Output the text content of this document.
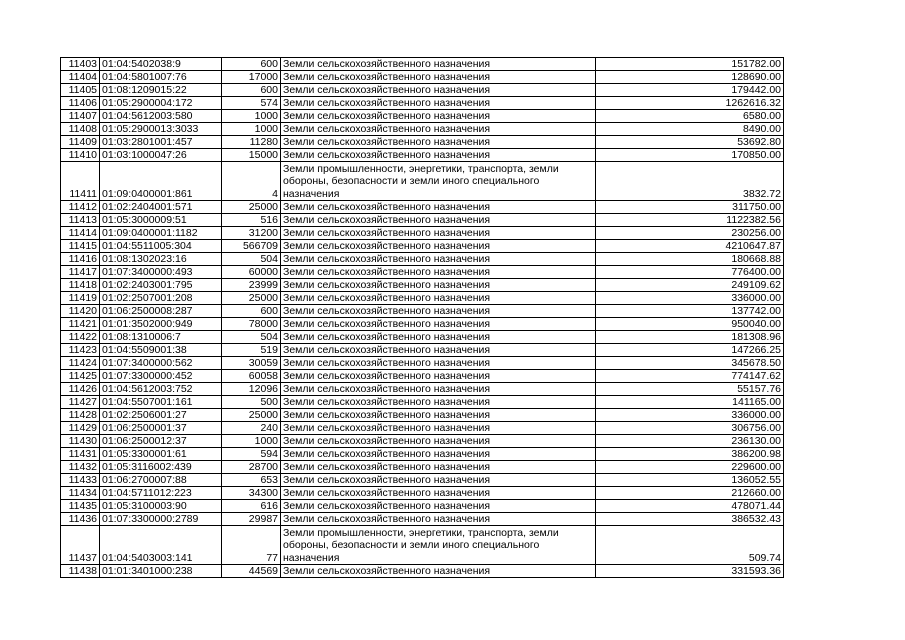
11403	01:04:5402038:9	600	Земли сельскохозяйственного назначения	151782.00
11404	01:04:5801007:76	17000	Земли сельскохозяйственного назначения	128690.00
11405	01:08:1209015:22	600	Земли сельскохозяйственного назначения	179442.00
11406	01:05:2900004:172	574	Земли сельскохозяйственного назначения	1262616.32
11407	01:04:5612003:580	1000	Земли сельскохозяйственного назначения	6580.00
11408	01:05:2900013:3033	1000	Земли сельскохозяйственного назначения	8490.00
11409	01:03:2801001:457	11280	Земли сельскохозяйственного назначения	53692.80
11410	01:03:1000047:26	15000	Земли сельскохозяйственного назначения	170850.00
11411	01:09:0400001:861	4	Земли промышленности, энергетики, транспорта, земли обороны, безопасности и земли иного специального назначения	3832.72
11412	01:02:2404001:571	25000	Земли сельскохозяйственного назначения	311750.00
11413	01:05:3000009:51	516	Земли сельскохозяйственного назначения	1122382.56
11414	01:09:0400001:1182	31200	Земли сельскохозяйственного назначения	230256.00
11415	01:04:5511005:304	566709	Земли сельскохозяйственного назначения	4210647.87
11416	01:08:1302023:16	504	Земли сельскохозяйственного назначения	180668.88
11417	01:07:3400000:493	60000	Земли сельскохозяйственного назначения	776400.00
11418	01:02:2403001:795	23999	Земли сельскохозяйственного назначения	249109.62
11419	01:02:2507001:208	25000	Земли сельскохозяйственного назначения	336000.00
11420	01:06:2500008:287	600	Земли сельскохозяйственного назначения	137742.00
11421	01:01:3502000:949	78000	Земли сельскохозяйственного назначения	950040.00
11422	01:08:1310006:7	504	Земли сельскохозяйственного назначения	181308.96
11423	01:04:5509001:38	519	Земли сельскохозяйственного назначения	147266.25
11424	01:07:3400000:562	30059	Земли сельскохозяйственного назначения	345678.50
11425	01:07:3300000:452	60058	Земли сельскохозяйственного назначения	774147.62
11426	01:04:5612003:752	12096	Земли сельскохозяйственного назначения	55157.76
11427	01:04:5507001:161	500	Земли сельскохозяйственного назначения	141165.00
11428	01:02:2506001:27	25000	Земли сельскохозяйственного назначения	336000.00
11429	01:06:2500001:37	240	Земли сельскохозяйственного назначения	306756.00
11430	01:06:2500012:37	1000	Земли сельскохозяйственного назначения	236130.00
11431	01:05:3300001:61	594	Земли сельскохозяйственного назначения	386200.98
11432	01:05:3116002:439	28700	Земли сельскохозяйственного назначения	229600.00
11433	01:06:2700007:88	653	Земли сельскохозяйственного назначения	136052.55
11434	01:04:5711012:223	34300	Земли сельскохозяйственного назначения	212660.00
11435	01:05:3100003:90	616	Земли сельскохозяйственного назначения	478071.44
11436	01:07:3300000:2789	29987	Земли сельскохозяйственного назначения	386532.43
11437	01:04:5403003:141	77	Земли промышленности, энергетики, транспорта, земли обороны, безопасности и земли иного специального назначения	509.74
11438	01:01:3401000:238	44569	Земли сельскохозяйственного назначения	331593.36
